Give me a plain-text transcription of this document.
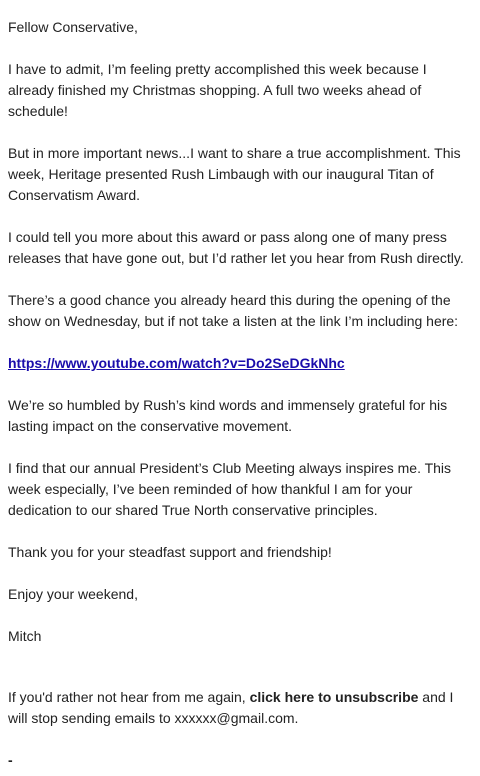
Fellow Conservative,

I have to admit, I’m feeling pretty accomplished this week because I already finished my Christmas shopping. A full two weeks ahead of schedule!

But in more important news...I want to share a true accomplishment. This week, Heritage presented Rush Limbaugh with our inaugural Titan of Conservatism Award.

I could tell you more about this award or pass along one of many press releases that have gone out, but I’d rather let you hear from Rush directly.

There’s a good chance you already heard this during the opening of the show on Wednesday, but if not take a listen at the link I’m including here:

https://www.youtube.com/watch?v=Do2SeDGkNhc

We’re so humbled by Rush’s kind words and immensely grateful for his lasting impact on the conservative movement.

I find that our annual President’s Club Meeting always inspires me. This week especially, I’ve been reminded of how thankful I am for your dedication to our shared True North conservative principles.

Thank you for your steadfast support and friendship!

Enjoy your weekend,

Mitch

If you'd rather not hear from me again, click here to unsubscribe and I will stop sending emails to xxxxxx@gmail.com.

-
